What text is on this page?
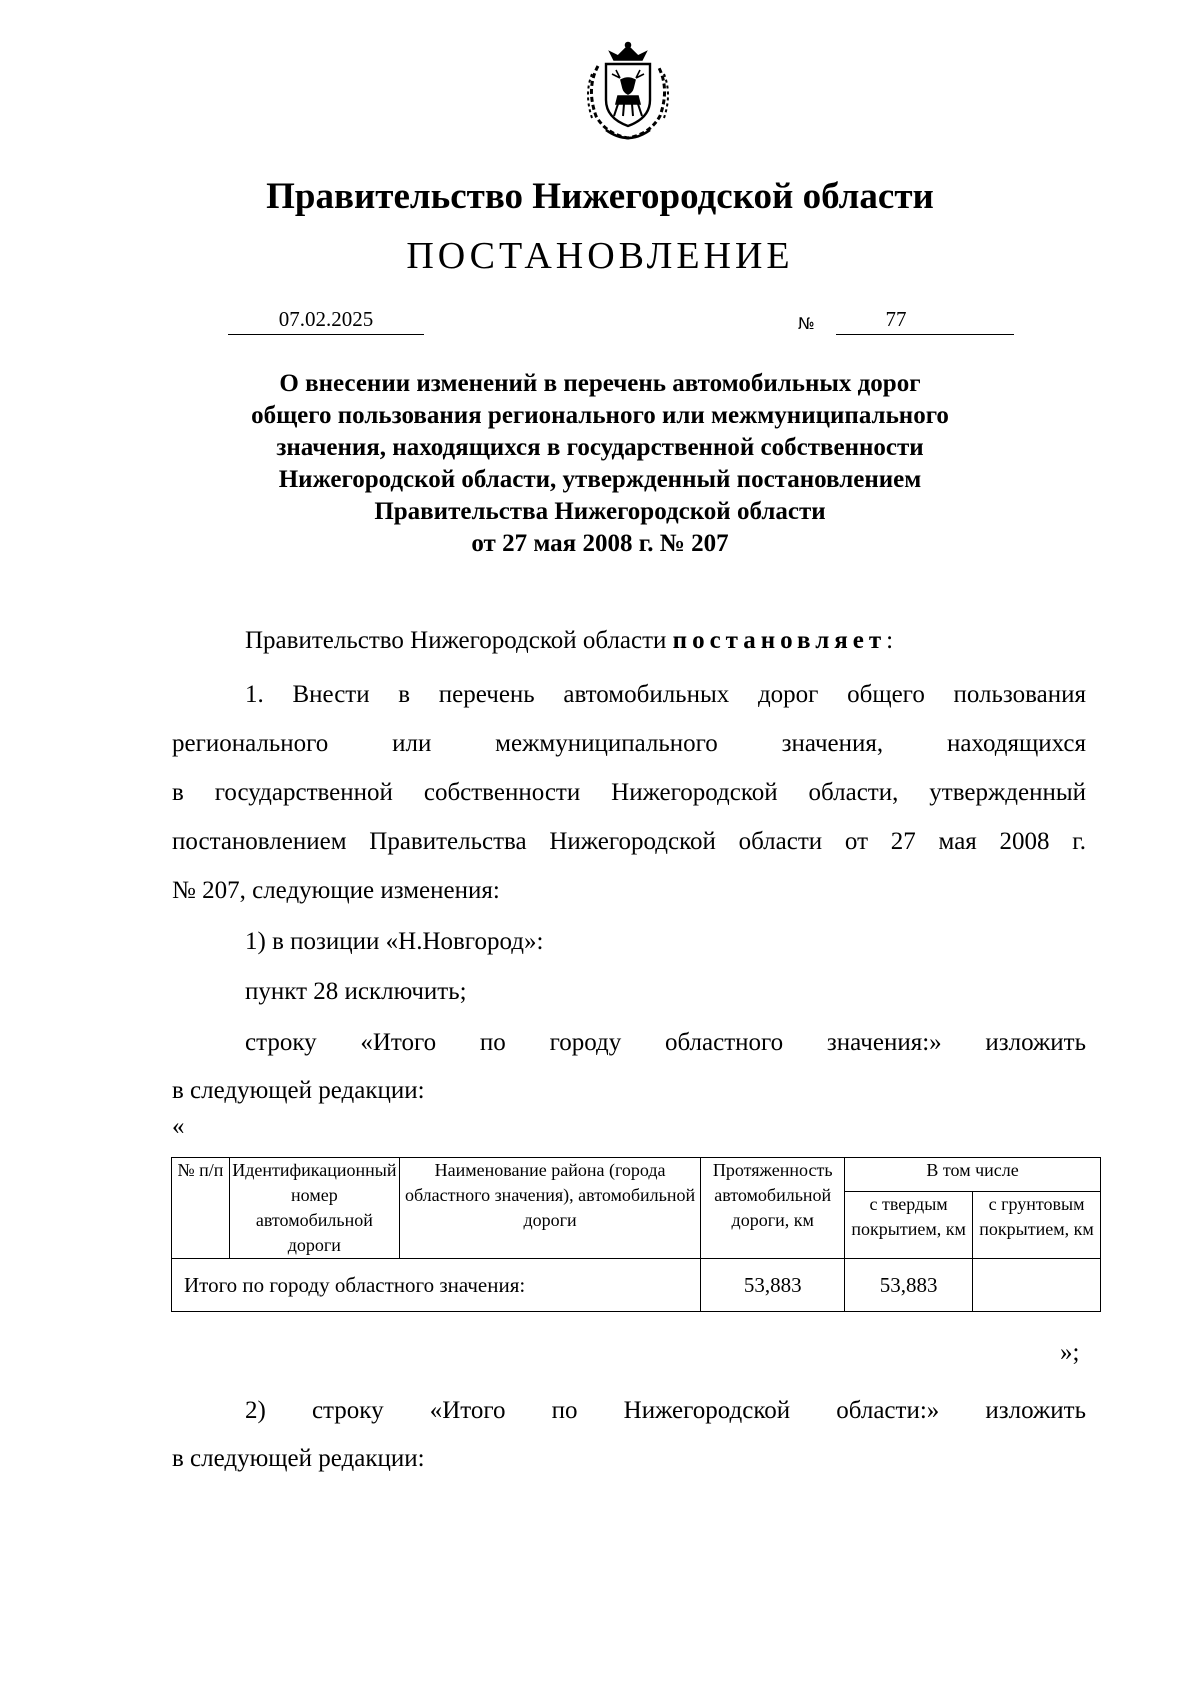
Правительство Нижегородской области
ПОСТАНОВЛЕНИЕ
07.02.2025	№	77
О внесении изменений в перечень автомобильных дорог
общего пользования регионального или межмуниципального
значения, находящихся в государственной собственности
Нижегородской области, утвержденный постановлением
Правительства Нижегородской области
от 27 мая 2008 г. № 207
Правительство Нижегородской области постановляет:
1. Внести в перечень автомобильных дорог общего пользования
регионального или межмуниципального значения, находящихся
в государственной собственности Нижегородской области, утвержденный
постановлением Правительства Нижегородской области от 27 мая 2008 г.
№ 207, следующие изменения:
1) в позиции «Н.Новгород»:
пункт 28 исключить;
строку «Итого по городу областного значения:» изложить
в следующей редакции:
«
№ п/п	Идентификационный номер автомобильной дороги	Наименование района (города областного значения), автомобильной дороги	Протяженность автомобильной дороги, км	В том числе	
				с твердым покрытием, км	с грунтовым покрытием, км
Итого по городу областного значения:			53,883	53,883	
»;
2) строку «Итого по Нижегородской области:» изложить
в следующей редакции:
